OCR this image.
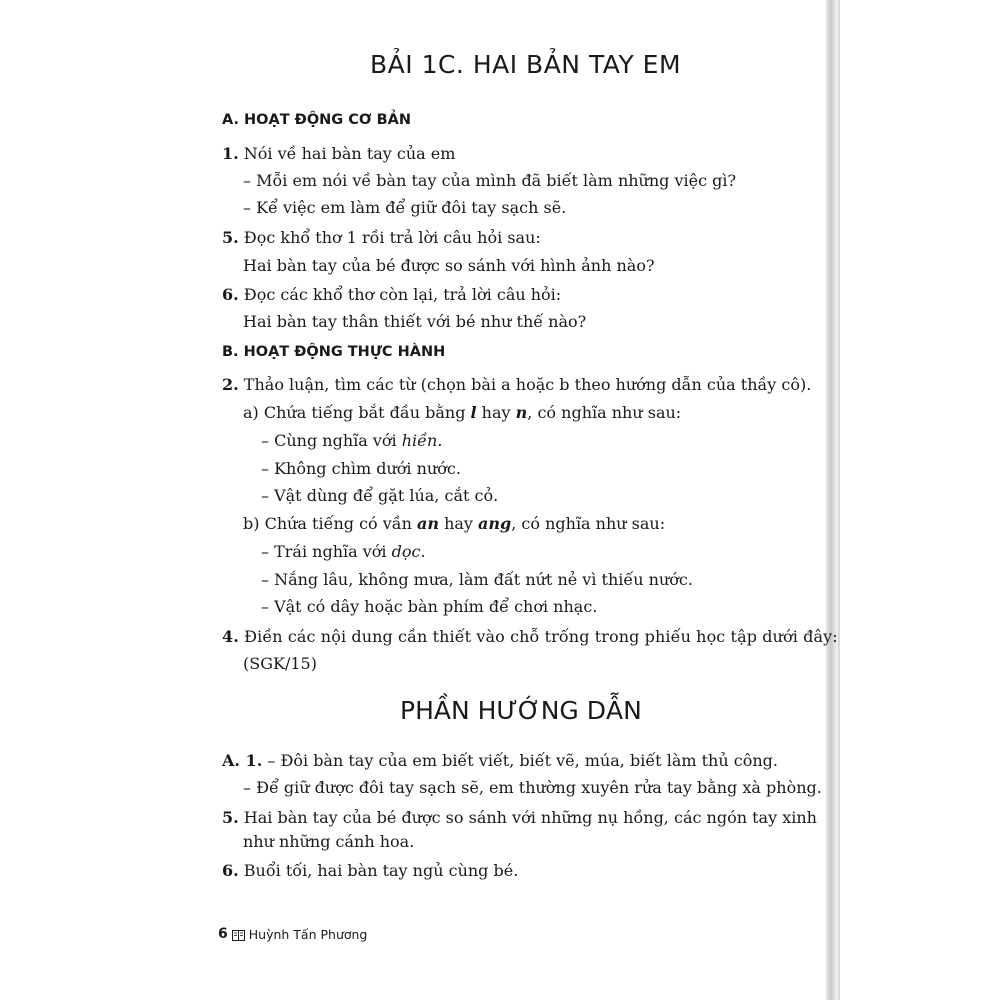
BẢI 1C. HAI BẢN TAY EM
A. HOẠT ĐỘNG CƠ BẢN
1. Nói về hai bàn tay của em
– Mỗi em nói về bàn tay của mình đã biết làm những việc gì?
– Kể việc em làm để giữ đôi tay sạch sẽ.
5. Đọc khổ thơ 1 rồi trả lời câu hỏi sau:
Hai bàn tay của bé được so sánh với hình ảnh nào?
6. Đọc các khổ thơ còn lại, trả lời câu hỏi:
Hai bàn tay thân thiết với bé như thế nào?
B. HOẠT ĐỘNG THỰC HÀNH
2. Thảo luận, tìm các từ (chọn bài a hoặc b theo hướng dẫn của thầy cô).
a) Chứa tiếng bắt đầu bằng l hay n, có nghĩa như sau:
– Cùng nghĩa với hiền.
– Không chìm dưới nước.
– Vật dùng để gặt lúa, cắt cỏ.
b) Chứa tiếng có vần an hay ang, có nghĩa như sau:
– Trái nghĩa với dọc.
– Nắng lâu, không mưa, làm đất nứt nẻ vì thiếu nước.
– Vật có dây hoặc bàn phím để chơi nhạc.
4. Điền các nội dung cần thiết vào chỗ trống trong phiếu học tập dưới đây:
(SGK/15)
PHẦN HƯỚNG DẪN
A. 1. – Đôi bàn tay của em biết viết, biết vẽ, múa, biết làm thủ công.
– Để giữ được đôi tay sạch sẽ, em thường xuyên rửa tay bằng xà phòng.
5. Hai bàn tay của bé được so sánh với những nụ hồng, các ngón tay xinh
như những cánh hoa.
6. Buổi tối, hai bàn tay ngủ cùng bé.
6 Huỳnh Tấn Phương
